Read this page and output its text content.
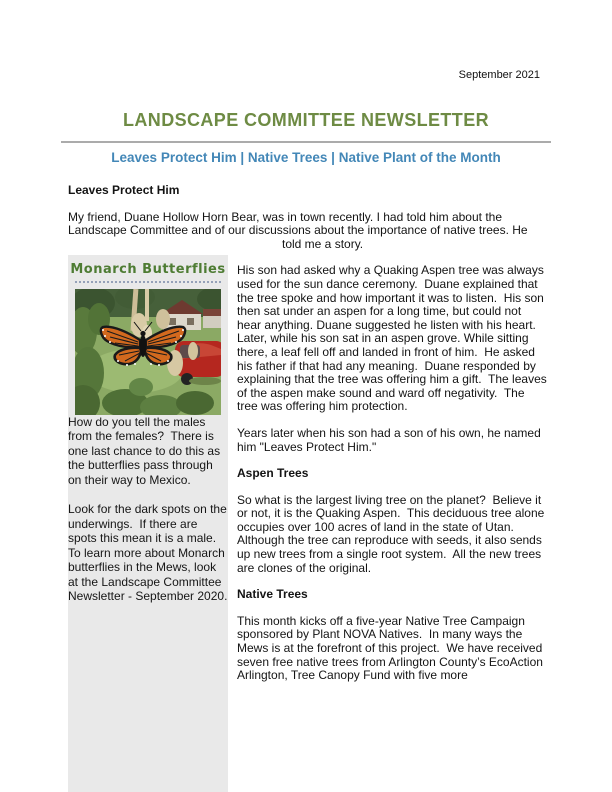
September 2021
LANDSCAPE COMMITTEE NEWSLETTER
Leaves Protect Him | Native Trees | Native Plant of the Month
Leaves Protect Him

My friend, Duane Hollow Horn Bear, was in town recently. I had told him about the Landscape Committee and of our discussions about the importance of native trees. He

told me a story.

Monarch Butterflies

How do you tell the males from the females?  There is one last chance to do this as the butterflies pass through on their way to Mexico.

Look for the dark spots on the underwings.  If there are spots this mean it is a male.  To learn more about Monarch butterflies in the Mews, look at the Landscape Committee Newsletter - September 2020.

His son had asked why a Quaking Aspen tree was always used for the sun dance ceremony.  Duane explained that the tree spoke and how important it was to listen.  His son then sat under an aspen for a long time, but could not hear anything. Duane suggested he listen with his heart.  Later, while his son sat in an aspen grove. While sitting there, a leaf fell off and landed in front of him.  He asked his father if that had any meaning.  Duane responded by explaining that the tree was offering him a gift.  The leaves of the aspen make sound and ward off negativity.  The tree was offering him protection.

Years later when his son had a son of his own, he named him "Leaves Protect Him."

Aspen Trees

So what is the largest living tree on the planet?  Believe it or not, it is the Quaking Aspen.  This deciduous tree alone occupies over 100 acres of land in the state of Utan.  Although the tree can reproduce with seeds, it also sends up new trees from a single root system.  All the new trees are clones of the original.

Native Trees

This month kicks off a five-year Native Tree Campaign sponsored by Plant NOVA Natives.  In many ways the Mews is at the forefront of this project.  We have received seven free native trees from Arlington County’s EcoAction Arlington, Tree Canopy Fund with five more
